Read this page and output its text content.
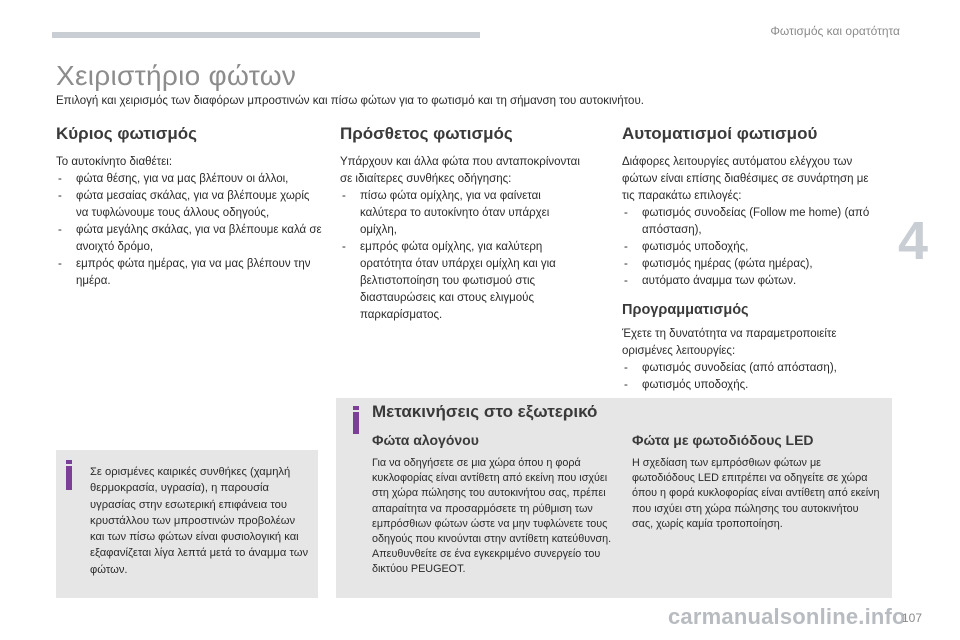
Φωτισμός και ορατότητα
4
Χειριστήριο φώτων
Επιλογή και χειρισμός των διαφόρων μπροστινών και πίσω φώτων για το φωτισμό και τη σήμανση του αυτοκινήτου.
Κύριος φωτισμός

Το αυτοκίνητο διαθέτει:

- φώτα θέσης, για να μας βλέπουν οι άλλοι,
- φώτα μεσαίας σκάλας, για να βλέπουμε χωρίς να τυφλώνουμε τους άλλους οδηγούς,
- φώτα μεγάλης σκάλας, για να βλέπουμε καλά σε ανοιχτό δρόμο,
- εμπρός φώτα ημέρας, για να μας βλέπουν την ημέρα.
Πρόσθετος φωτισμός

Υπάρχουν και άλλα φώτα που ανταποκρίνονται σε ιδιαίτερες συνθήκες οδήγησης:

- πίσω φώτα ομίχλης, για να φαίνεται καλύτερα το αυτοκίνητο όταν υπάρχει ομίχλη,
- εμπρός φώτα ομίχλης, για καλύτερη ορατότητα όταν υπάρχει ομίχλη και για βελτιστοποίηση του φωτισμού στις διασταυρώσεις και στους ελιγμούς παρκαρίσματος.
Αυτοματισμοί φωτισμού

Διάφορες λειτουργίες αυτόματου ελέγχου των φώτων είναι επίσης διαθέσιμες σε συνάρτηση με τις παρακάτω επιλογές:

- φωτισμός συνοδείας (Follow me home) (από απόσταση),
- φωτισμός υποδοχής,
- φωτισμός ημέρας (φώτα ημέρας),
- αυτόματο άναμμα των φώτων.
Προγραμματισμός

Έχετε τη δυνατότητα να παραμετροποιείτε ορισμένες λειτουργίες:

- φωτισμός συνοδείας (από απόσταση),
- φωτισμός υποδοχής.

Σε ορισμένες καιρικές συνθήκες (χαμηλή θερμοκρασία, υγρασία), η παρουσία υγρασίας στην εσωτερική επιφάνεια του κρυστάλλου των μπροστινών προβολέων και των πίσω φώτων είναι φυσιολογική και εξαφανίζεται λίγα λεπτά μετά το άναμμα των φώτων.

Μετακινήσεις στο εξωτερικό
Φώτα αλογόνου

Για να οδηγήσετε σε μια χώρα όπου η φορά κυκλοφορίας είναι αντίθετη από εκείνη που ισχύει στη χώρα πώλησης του αυτοκινήτου σας, πρέπει απαραίτητα να προσαρμόσετε τη ρύθμιση των εμπρόσθιων φώτων ώστε να μην τυφλώνετε τους οδηγούς που κινούνται στην αντίθετη κατεύθυνση.

Απευθυνθείτε σε ένα εγκεκριμένο συνεργείο του δικτύου PEUGEOT.

Φώτα με φωτοδιόδους LED

Η σχεδίαση των εμπρόσθιων φώτων με φωτοδιόδους LED επιτρέπει να οδηγείτε σε χώρα όπου η φορά κυκλοφορίας είναι αντίθετη από εκείνη που ισχύει στη χώρα πώλησης του αυτοκινήτου σας, χωρίς καμία τροποποίηση.

carmanualsonline.info
107
